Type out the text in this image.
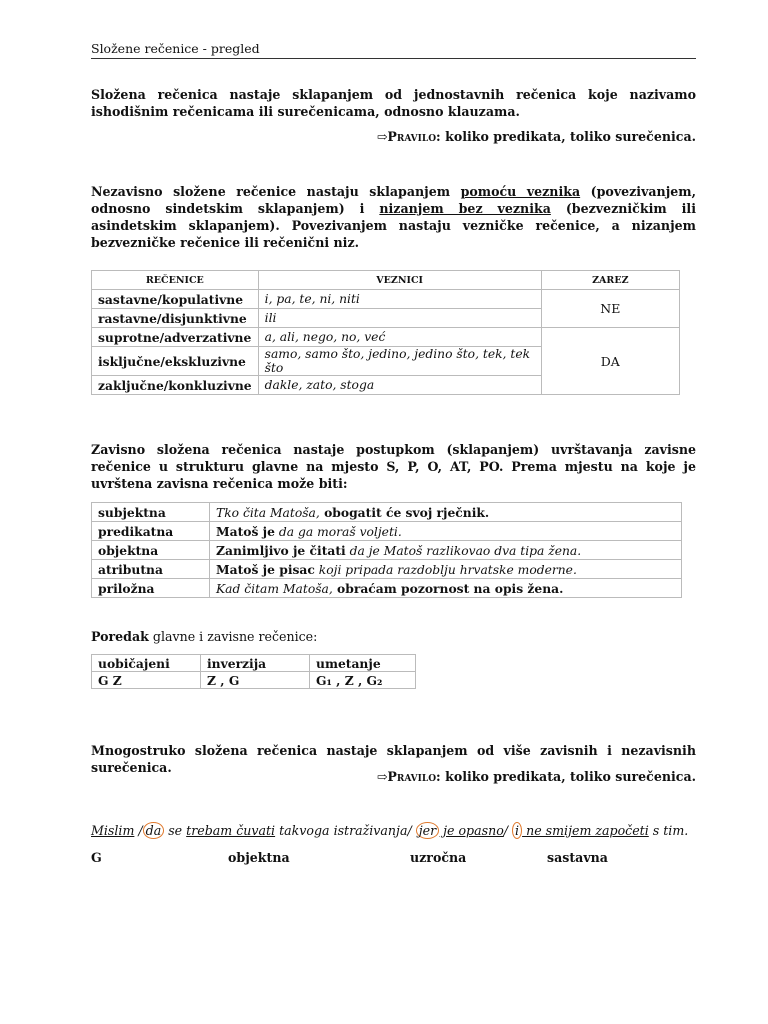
Složene rečenice - pregled
Složena rečenica nastaje sklapanjem od jednostavnih rečenica koje nazivamo ishodišnim rečenicama ili surečenicama, odnosno klauzama.
⇨Pravilo: koliko predikata, toliko surečenica.
Nezavisno složene rečenice nastaju sklapanjem pomoću veznika (povezivanjem, odnosno sindetskim sklapanjem) i nizanjem bez veznika (bezvezničkim ili asindetskim sklapanjem). Povezivanjem nastaju vezničke rečenice, a nizanjem bezvezničke rečenice ili rečenični niz.
REČENICE	VEZNICI	ZAREZ
sastavne/kopulativne	i, pa, te, ni, niti	NE
rastavne/disjunktivne	ili	
suprotne/adverzativne	a, ali, nego, no, već	DA
isključne/ekskluzivne	samo, samo što, jedino, jedino što, tek, tek što	
zaključne/konkluzivne	dakle, zato, stoga	
Zavisno složena rečenica nastaje postupkom (sklapanjem) uvrštavanja zavisne rečenice u strukturu glavne na mjesto S, P, O, AT, PO. Prema mjestu na koje je uvrštena zavisna rečenica može biti:
subjektna	Tko čita Matoša, obogatit će svoj rječnik.
predikatna	Matoš je da ga moraš voljeti.
objektna	Zanimljivo je čitati da je Matoš razlikovao dva tipa žena.
atributna	Matoš je pisac koji pripada razdoblju hrvatske moderne.
priložna	Kad čitam Matoša, obraćam pozornost na opis žena.
Poredak glavne i zavisne rečenice:
uobičajeni	inverzija	umetanje
G Z	Z , G	G₁ , Z , G₂
Mnogostruko složena rečenica nastaje sklapanjem od više zavisnih i nezavisnih surečenica.
⇨Pravilo: koliko predikata, toliko surečenica.
Mislim / da se trebam čuvati takvoga istraživanja/ jer je opasno/ i ne smijem započeti s tim.
G	objektna	uzročna	sastavna
